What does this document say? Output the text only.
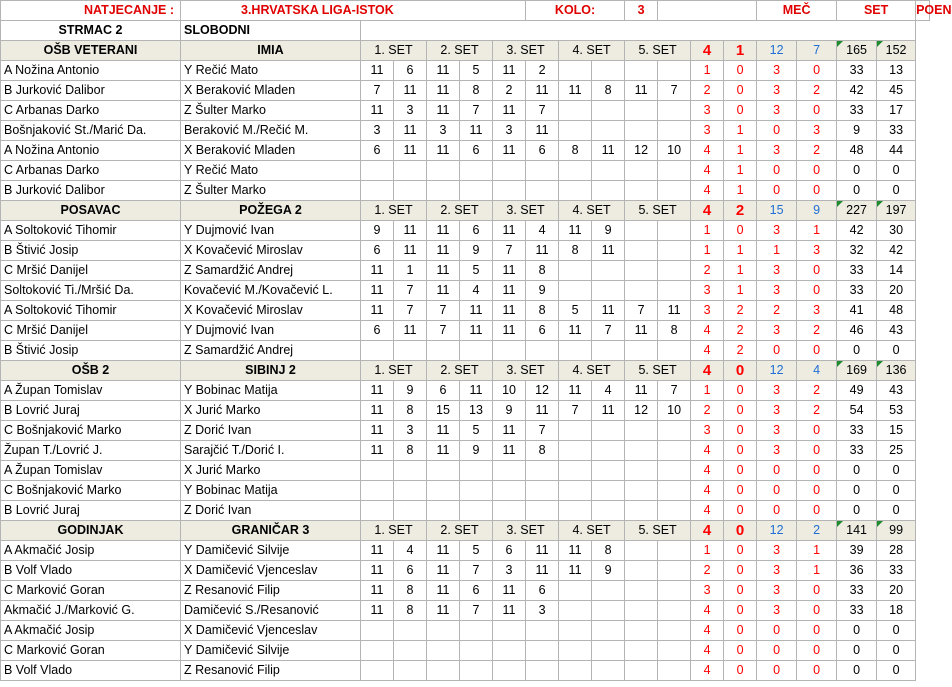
NATJECANJE :	3.HRVATSKA LIGA-ISTOK						KOLO:			3				MEČ		SET		POEN
STRMAC 2	SLOBODNI																	
OŠB VETERANI	IMIA	1. SET		2. SET		3. SET		4. SET		5. SET		4	1	12	7	165	152	
A Nožina Antonio	Y Rečić Mato	11	6	11	5	11	2					1	0	3	0	33	13	
B Jurković Dalibor	X Beraković Mladen	7	11	11	8	2	11	11	8	11	7	2	0	3	2	42	45	
C Arbanas Darko	Z Šulter Marko	11	3	11	7	11	7					3	0	3	0	33	17	
Bošnjaković St./Marić Da.	Beraković M./Rečić M.	3	11	3	11	3	11					3	1	0	3	9	33	
A Nožina Antonio	X Beraković Mladen	6	11	11	6	11	6	8	11	12	10	4	1	3	2	48	44	
C Arbanas Darko	Y Rečić Mato											4	1	0	0	0	0	
B Jurković Dalibor	Z Šulter Marko											4	1	0	0	0	0	
POSAVAC	POŽEGA 2	1. SET		2. SET		3. SET		4. SET		5. SET		4	2	15	9	227	197	
A Soltoković Tihomir	Y Dujmović Ivan	9	11	11	6	11	4	11	9			1	0	3	1	42	30	
B Štivić Josip	X Kovačević Miroslav	6	11	11	9	7	11	8	11			1	1	1	3	32	42	
C Mršić Danijel	Z Samardžić Andrej	11	1	11	5	11	8					2	1	3	0	33	14	
Soltoković Ti./Mršić Da.	Kovačević M./Kovačević L.	11	7	11	4	11	9					3	1	3	0	33	20	
A Soltoković Tihomir	X Kovačević Miroslav	11	7	7	11	11	8	5	11	7	11	3	2	2	3	41	48	
C Mršić Danijel	Y Dujmović Ivan	6	11	7	11	11	6	11	7	11	8	4	2	3	2	46	43	
B Štivić Josip	Z Samardžić Andrej											4	2	0	0	0	0	
OŠB 2	SIBINJ 2	1. SET		2. SET		3. SET		4. SET		5. SET		4	0	12	4	169	136	
A Župan Tomislav	Y Bobinac Matija	11	9	6	11	10	12	11	4	11	7	1	0	3	2	49	43	
B Lovrić Juraj	X Jurić Marko	11	8	15	13	9	11	7	11	12	10	2	0	3	2	54	53	
C Bošnjaković Marko	Z Dorić Ivan	11	3	11	5	11	7					3	0	3	0	33	15	
Župan T./Lovrić J.	Sarajčić T./Dorić I.	11	8	11	9	11	8					4	0	3	0	33	25	
A Župan Tomislav	X Jurić Marko											4	0	0	0	0	0	
C Bošnjaković Marko	Y Bobinac Matija											4	0	0	0	0	0	
B Lovrić Juraj	Z Dorić Ivan											4	0	0	0	0	0	
GODINJAK	GRANIČAR 3	1. SET		2. SET		3. SET		4. SET		5. SET		4	0	12	2	141	99	
A Akmačić Josip	Y Damičević Silvije	11	4	11	5	6	11	11	8			1	0	3	1	39	28	
B Volf Vlado	X Damičević Vjenceslav	11	6	11	7	3	11	11	9			2	0	3	1	36	33	
C Marković Goran	Z Resanović Filip	11	8	11	6	11	6					3	0	3	0	33	20	
Akmačić J./Marković G.	Damičević S./Resanović	11	8	11	7	11	3					4	0	3	0	33	18	
A Akmačić Josip	X Damičević Vjenceslav											4	0	0	0	0	0	
C Marković Goran	Y Damičević Silvije											4	0	0	0	0	0	
B Volf Vlado	Z Resanović Filip											4	0	0	0	0	0	
